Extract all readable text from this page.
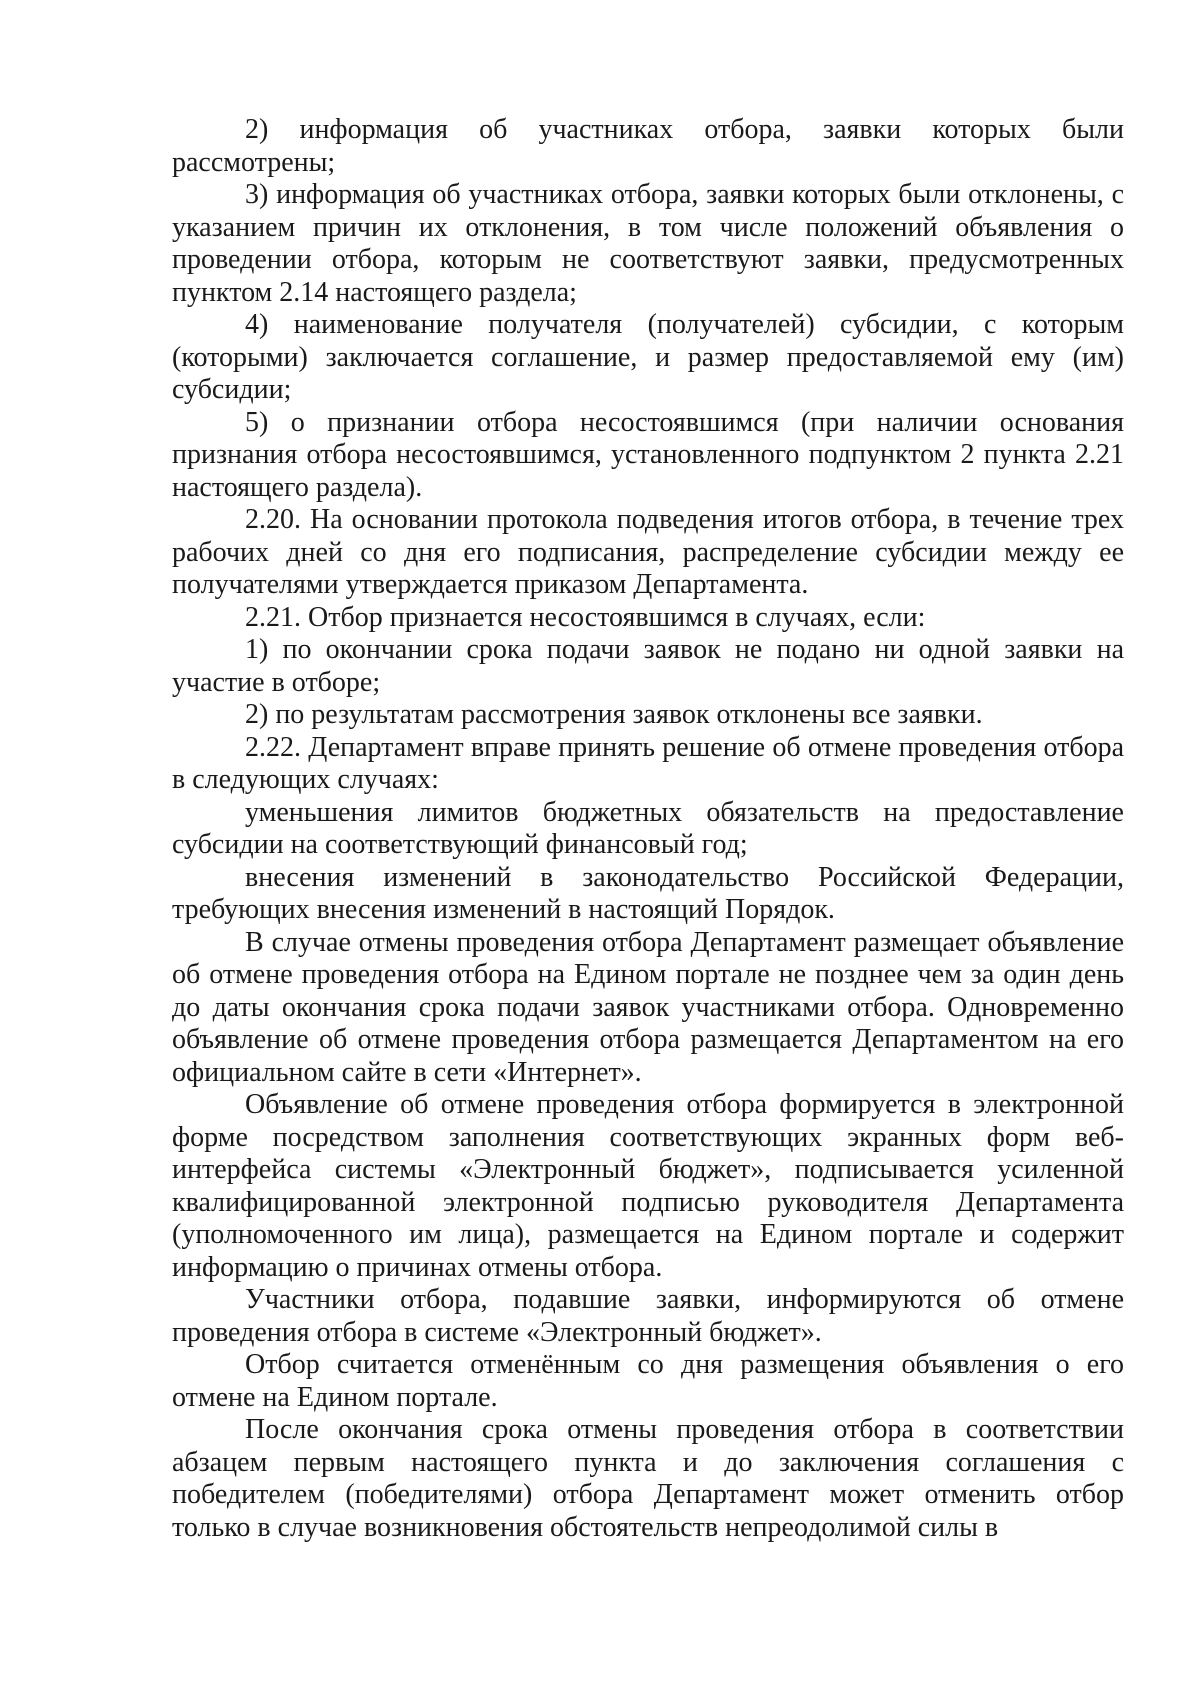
2) информация об участниках отбора, заявки которых были рассмотрены;

3) информация об участниках отбора, заявки которых были отклонены, с указанием причин их отклонения, в том числе положений объявления о проведении отбора, которым не соответствуют заявки, предусмотренных пунктом 2.14 настоящего раздела;

4) наименование получателя (получателей) субсидии, с которым (которыми) заключается соглашение, и размер предоставляемой ему (им) субсидии;

5) о признании отбора несостоявшимся (при наличии основания признания отбора несостоявшимся, установленного подпунктом 2 пункта 2.21 настоящего раздела).

2.20. На основании протокола подведения итогов отбора, в течение трех рабочих дней со дня его подписания, распределение субсидии между ее получателями утверждается приказом Департамента.

2.21. Отбор признается несостоявшимся в случаях, если:

1) по окончании срока подачи заявок не подано ни одной заявки на участие в отборе;

2) по результатам рассмотрения заявок отклонены все заявки.

2.22. Департамент вправе принять решение об отмене проведения отбора в следующих случаях:

уменьшения лимитов бюджетных обязательств на предоставление субсидии на соответствующий финансовый год;

внесения изменений в законодательство Российской Федерации, требующих внесения изменений в настоящий Порядок.

В случае отмены проведения отбора Департамент размещает объявление об отмене проведения отбора на Едином портале не позднее чем за один день до даты окончания срока подачи заявок участниками отбора. Одновременно объявление об отмене проведения отбора размещается Департаментом на его официальном сайте в сети «Интернет».

Объявление об отмене проведения отбора формируется в электронной форме посредством заполнения соответствующих экранных форм веб-интерфейса системы «Электронный бюджет», подписывается усиленной квалифицированной электронной подписью руководителя Департамента (уполномоченного им лица), размещается на Едином портале и содержит информацию о причинах отмены отбора.

Участники отбора, подавшие заявки, информируются об отмене проведения отбора в системе «Электронный бюджет».

Отбор считается отменённым со дня размещения объявления о его отмене на Едином портале.

После окончания срока отмены проведения отбора в соответствии абзацем первым настоящего пункта и до заключения соглашения с победителем (победителями) отбора Департамент может отменить отбор только в случае возникновения обстоятельств непреодолимой силы в
